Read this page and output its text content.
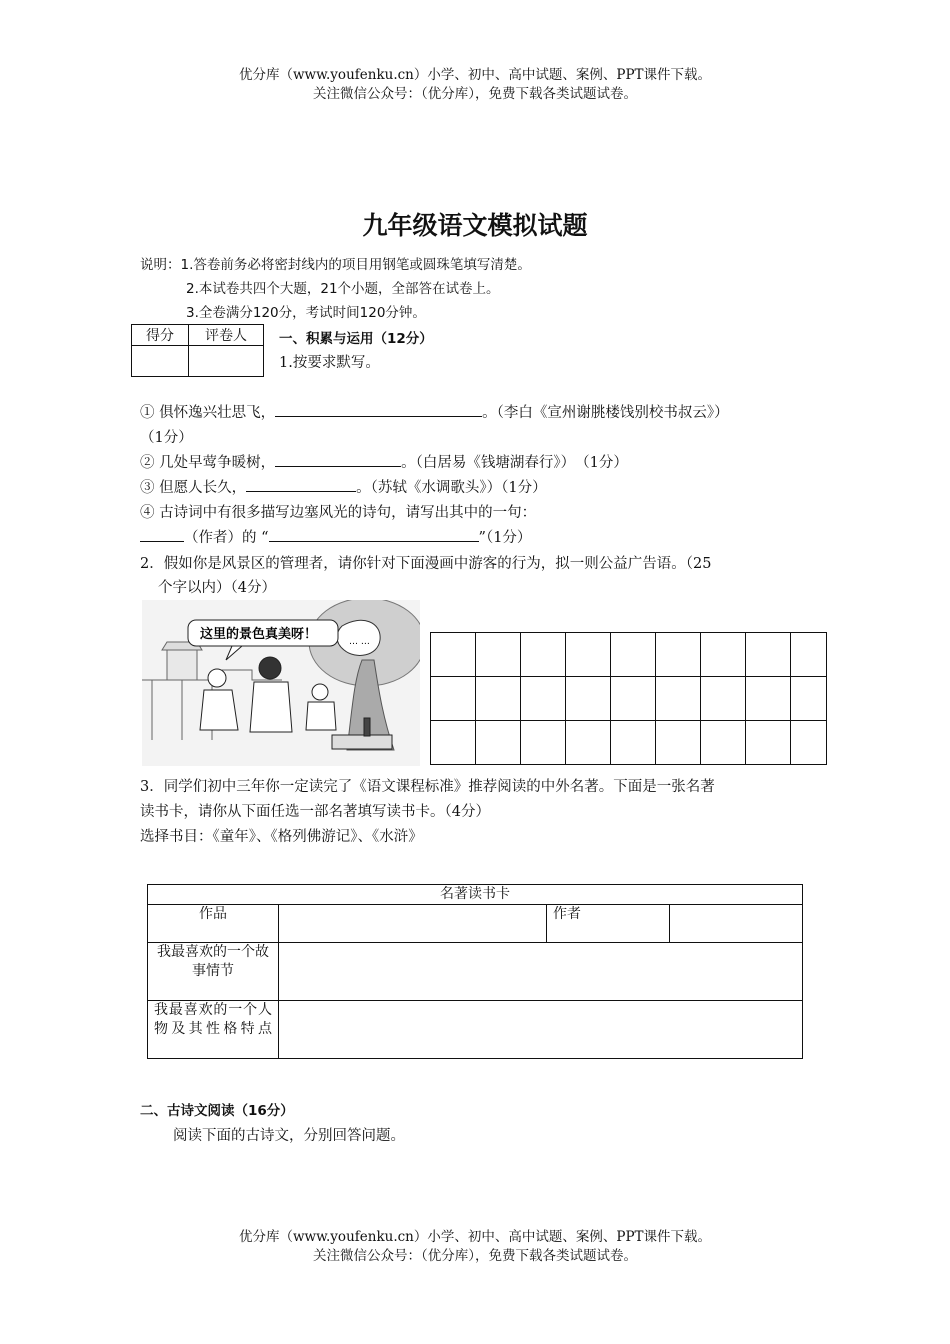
优分库（www.youfenku.cn）小学、初中、高中试题、案例、PPT课件下载。
关注微信公众号：（优分库），免费下载各类试题试卷。
九年级语文模拟试题
说明：1.答卷前务必将密封线内的项目用钢笔或圆珠笔填写清楚。
2.本试卷共四个大题，21个小题，全部答在试卷上。
3.全卷满分120分，考试时间120分钟。
得分	评卷人
	一、积累与运用（12分）
1.按要求默写。
① 俱怀逸兴壮思飞，	。（李白《宣州谢朓楼饯别校书叔云》）
（1分）
② 几处早莺争暖树，	。（白居易《钱塘湖春行》）　（1分）
③ 但愿人长久，	。（苏轼《水调歌头》）（1分）
④ 古诗词中有很多描写边塞风光的诗句，请写出其中的一句：
（作者）的 “	”（1分）
2．假如你是风景区的管理者，请你针对下面漫画中游客的行为，拟一则公益广告语。（25
个字以内）（4分）
… …
这里的景色真美呀！

3．同学们初中三年你一定读完了《语文课程标准》推荐阅读的中外名著。下面是一张名著
读书卡，请你从下面任选一部名著填写读书卡。（4分）
选择书目：《童年》、《格列佛游记》、《水浒》
名著读书卡			
作品		作者	
我最喜欢的一个故事情节			
我最喜欢的一个人物及其性格特点			
二、古诗文阅读（16分）
阅读下面的古诗文，分别回答问题。
优分库（www.youfenku.cn）小学、初中、高中试题、案例、PPT课件下载。
关注微信公众号：（优分库），免费下载各类试题试卷。
